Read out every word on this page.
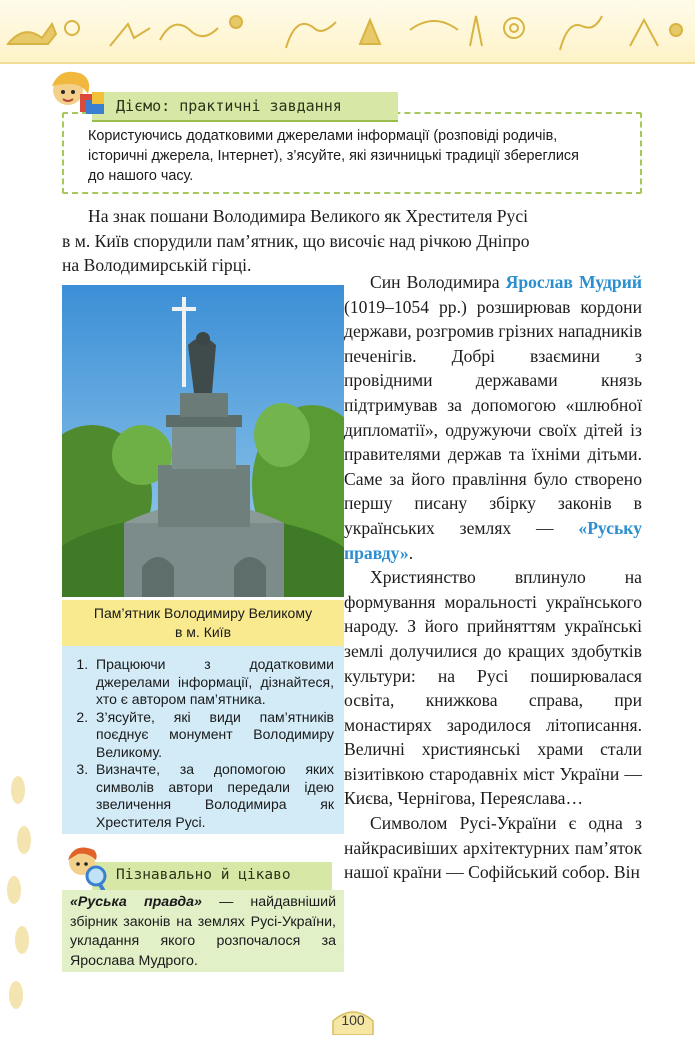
Діємо: практичні завдання
Користуючись додатковими джерелами інформації (розповіді родичів,
історичні джерела, Інтернет), з’ясуйте, які язичницькі традиції збереглися
до нашого часу.
На знак пошани Володимира Великого як Хрестителя Русі
в м. Київ спорудили пам’ятник, що височіє над річкою Дніпро
на Володимирській гірці.

Син Володимира Ярослав Мудрий (1019–1054 рр.) розширював кордони держави, розгромив грізних нападників печенігів. Добрі взаємини з провідними державами князь підтримував за допомогою «шлюбної дипломатії», одружуючи своїх дітей із правителями держав та їхніми дітьми. Саме за його правління було створено першу писану збірку законів в українських землях — «Руську правду».

Християнство вплинуло на формування моральності українського народу. З його прийняттям українські землі долучилися до кращих здобутків культури: на Русі поширювалася освіта, книжкова справа, при монастирях зародилося літописання. Величні християнські храми стали візитівкою стародавніх міст України — Києва, Чернігова, Переяслава…

Символом Русі-України є одна з найкрасивіших архітектурних пам’яток нашої країни — Софійський собор. Він

Пам’ятник Володимиру Великому
в м. Київ
1. Працюючи з додатковими джерелами інформації, дізнайтеся, хто є автором пам’ятника.
2. З’ясуйте, які види пам’ятників поєднує монумент Володимиру Великому.
3. Визначте, за допомогою яких символів автори передали ідею звеличення Володимира як Хрестителя Русі.
Пізнавально й цікаво
«Руська правда» — найдавніший збірник законів на землях Русі-України, укладання якого розпочалося за Ярослава Мудрого.
100
